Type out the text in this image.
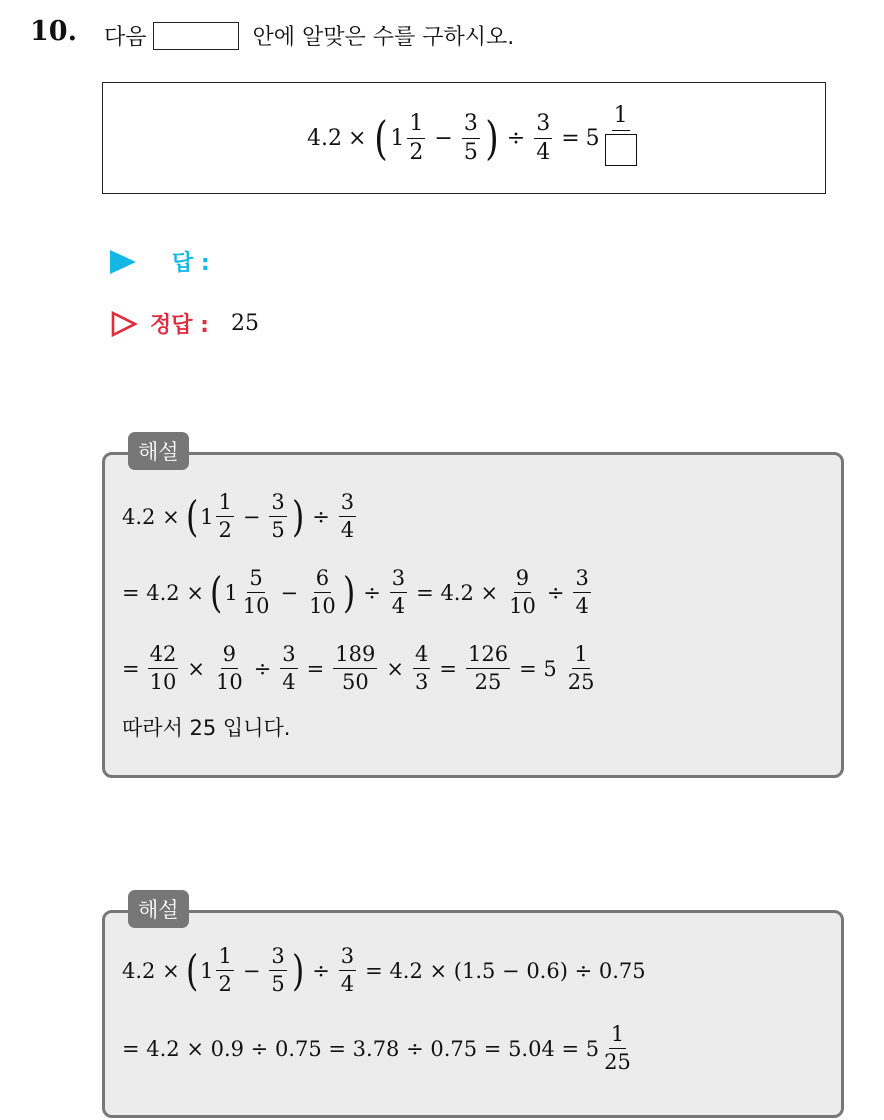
10. 다음	안에 알맞은 수를 구하시오.
4.2 × ( $1 \frac{1}{2} - \frac{3}{5}$ ) ÷ $\frac{3}{4} = 5$
1
답 :
정답 : 25
해설
4.2 × ( $1 \frac{1}{2} - \frac{3}{5}$ ) ÷ $\frac{3}{4}$
= 4.2 × ( $1 \frac{5}{10} - \frac{6}{10}$ ) ÷ $\frac{3}{4} = 4.2 \times \frac{9}{10} \div \frac{3}{4}$
= $\frac{42}{10} \times \frac{9}{10} \div \frac{3}{4} = \frac{189}{50} \times \frac{4}{3} = \frac{126}{25} = 5 \frac{1}{25}$
따라서 25 입니다.
해설
4.2 × ( $1 \frac{1}{2} - \frac{3}{5}$ ) ÷ $\frac{3}{4} = 4.2 \times (1.5 - 0.6) \div 0.75$
= $4.2 \times 0.9 \div 0.75 = 3.78 \div 0.75 = 5.04 = 5 \frac{1}{25}$
